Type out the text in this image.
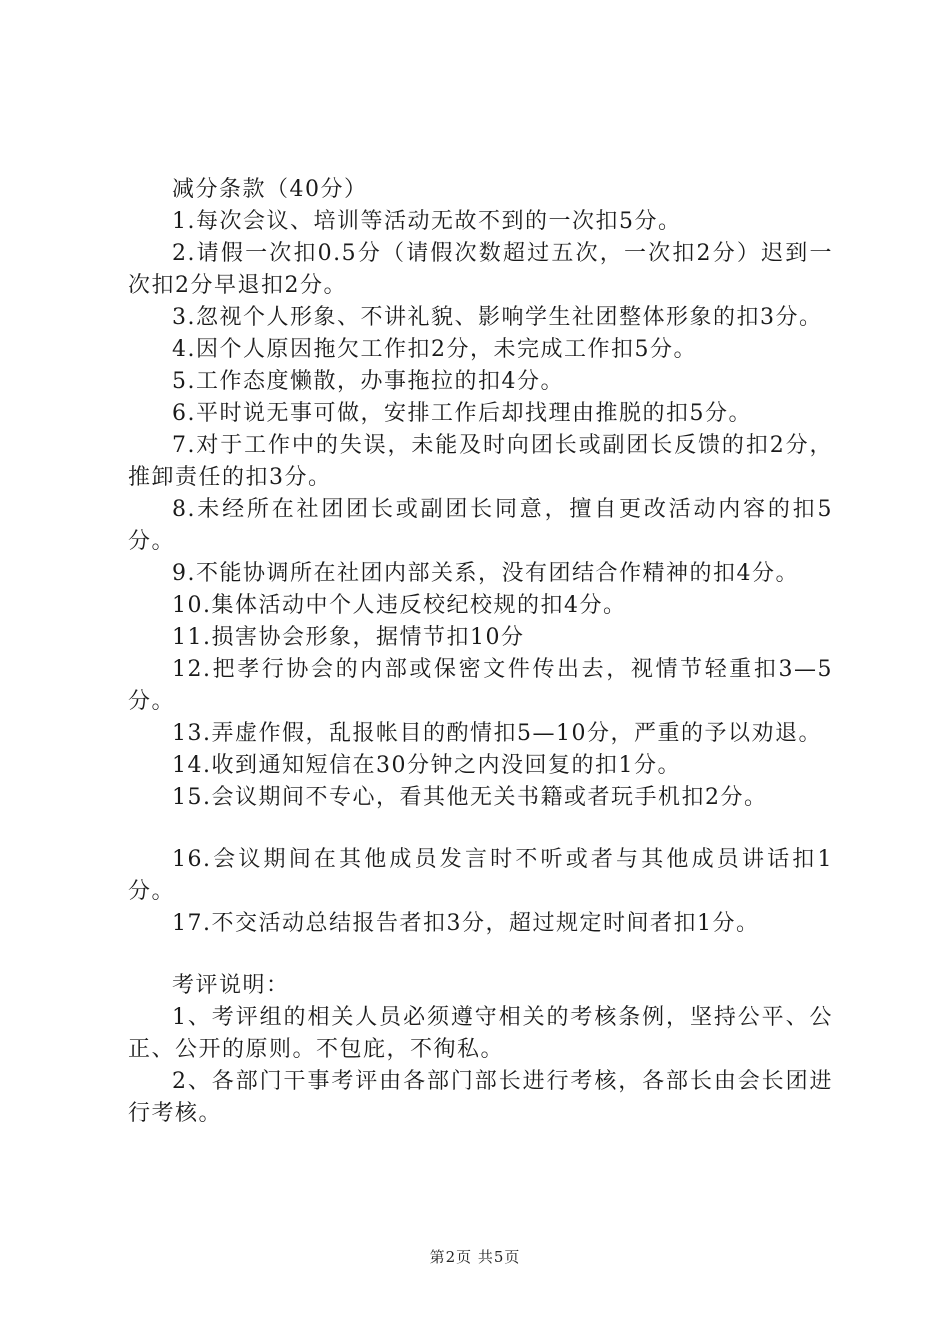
减分条款（40分）

1.每次会议、培训等活动无故不到的一次扣5分。

2.请假一次扣0.5分（请假次数超过五次，一次扣2分）迟到一次扣2分早退扣2分。

3.忽视个人形象、不讲礼貌、影响学生社团整体形象的扣3分。

4.因个人原因拖欠工作扣2分，未完成工作扣5分。

5.工作态度懒散，办事拖拉的扣4分。

6.平时说无事可做，安排工作后却找理由推脱的扣5分。

7.对于工作中的失误，未能及时向团长或副团长反馈的扣2分，推卸责任的扣3分。

8.未经所在社团团长或副团长同意，擅自更改活动内容的扣5分。

9.不能协调所在社团内部关系，没有团结合作精神的扣4分。

10.集体活动中个人违反校纪校规的扣4分。

11.损害协会形象，据情节扣10分

12.把孝行协会的内部或保密文件传出去，视情节轻重扣3—5分。

13.弄虚作假，乱报帐目的酌情扣5—10分，严重的予以劝退。

14.收到通知短信在30分钟之内没回复的扣1分。

15.会议期间不专心，看其他无关书籍或者玩手机扣2分。

16.会议期间在其他成员发言时不听或者与其他成员讲话扣1分。

17.不交活动总结报告者扣3分，超过规定时间者扣1分。

考评说明：

1、考评组的相关人员必须遵守相关的考核条例，坚持公平、公正、公开的原则。不包庇，不徇私。

2、各部门干事考评由各部门部长进行考核，各部长由会长团进行考核。

第2页 共5页
